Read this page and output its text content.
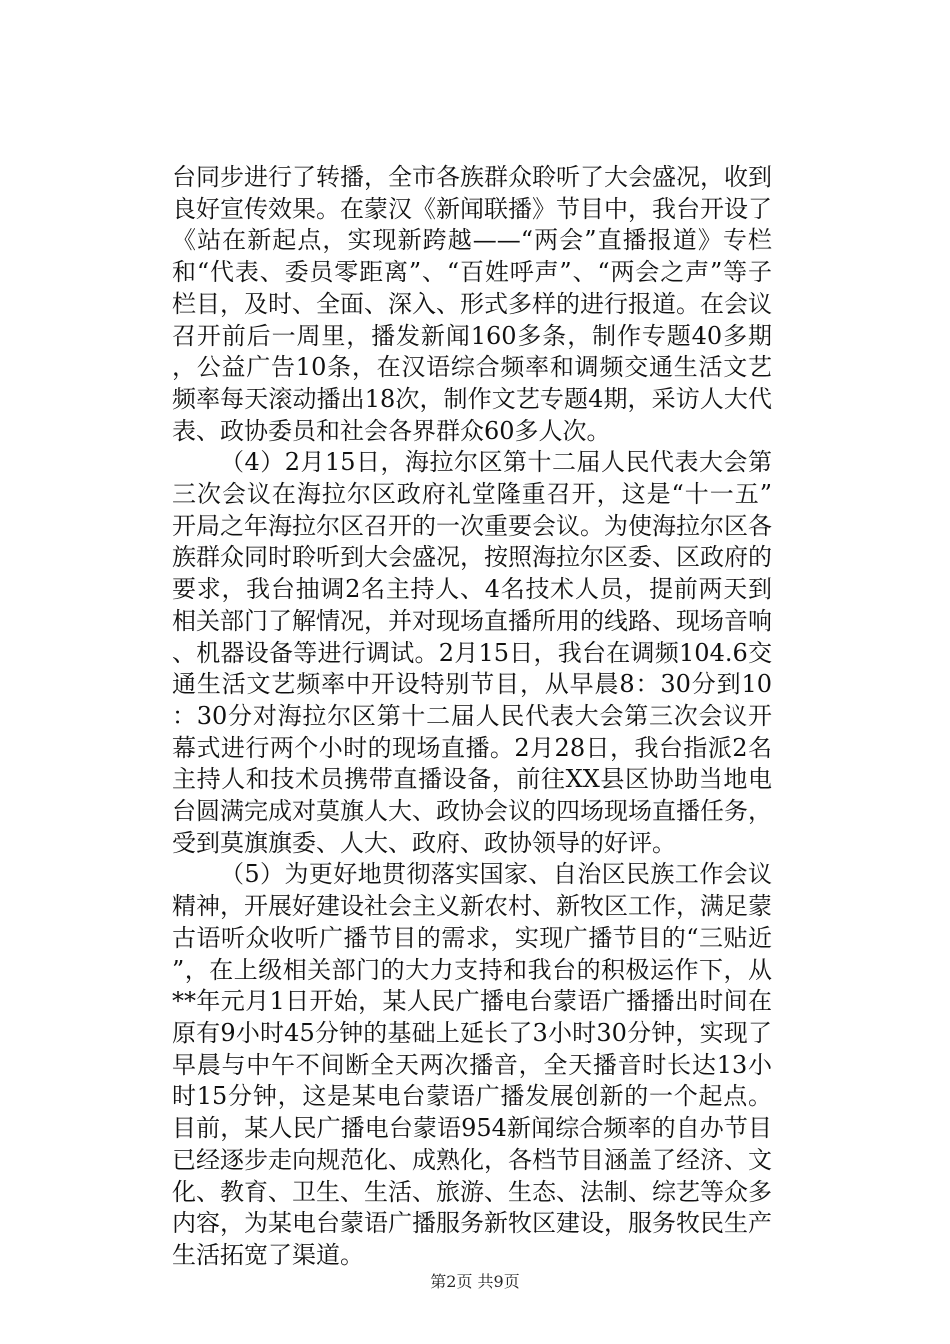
台同步进行了转播，全市各族群众聆听了大会盛况，收到良好宣传效果。在蒙汉《新闻联播》节目中，我台开设了《站在新起点，实现新跨越——“两会”直播报道》专栏和“代表、委员零距离”、“百姓呼声”、“两会之声”等子栏目，及时、全面、深入、形式多样的进行报道。在会议召开前后一周里，播发新闻160多条，制作专题40多期，公益广告10条，在汉语综合频率和调频交通生活文艺频率每天滚动播出18次，制作文艺专题4期，采访人大代表、政协委员和社会各界群众60多人次。

（4）2月15日，海拉尔区第十二届人民代表大会第三次会议在海拉尔区政府礼堂隆重召开，这是“十一五”开局之年海拉尔区召开的一次重要会议。为使海拉尔区各族群众同时聆听到大会盛况，按照海拉尔区委、区政府的要求，我台抽调2名主持人、4名技术人员，提前两天到相关部门了解情况，并对现场直播所用的线路、现场音响、机器设备等进行调试。2月15日，我台在调频104.6交通生活文艺频率中开设特别节目，从早晨8：30分到10：30分对海拉尔区第十二届人民代表大会第三次会议开幕式进行两个小时的现场直播。2月28日，我台指派2名主持人和技术员携带直播设备，前往XX县区协助当地电台圆满完成对莫旗人大、政协会议的四场现场直播任务，受到莫旗旗委、人大、政府、政协领导的好评。

（5）为更好地贯彻落实国家、自治区民族工作会议精神，开展好建设社会主义新农村、新牧区工作，满足蒙古语听众收听广播节目的需求，实现广播节目的“三贴近”，在上级相关部门的大力支持和我台的积极运作下，从**年元月1日开始，某人民广播电台蒙语广播播出时间在原有9小时45分钟的基础上延长了3小时30分钟，实现了早晨与中午不间断全天两次播音，全天播音时长达13小时15分钟，这是某电台蒙语广播发展创新的一个起点。目前，某人民广播电台蒙语954新闻综合频率的自办节目已经逐步走向规范化、成熟化，各档节目涵盖了经济、文化、教育、卫生、生活、旅游、生态、法制、综艺等众多内容，为某电台蒙语广播服务新牧区建设，服务牧民生产生活拓宽了渠道。

第2页 共9页
